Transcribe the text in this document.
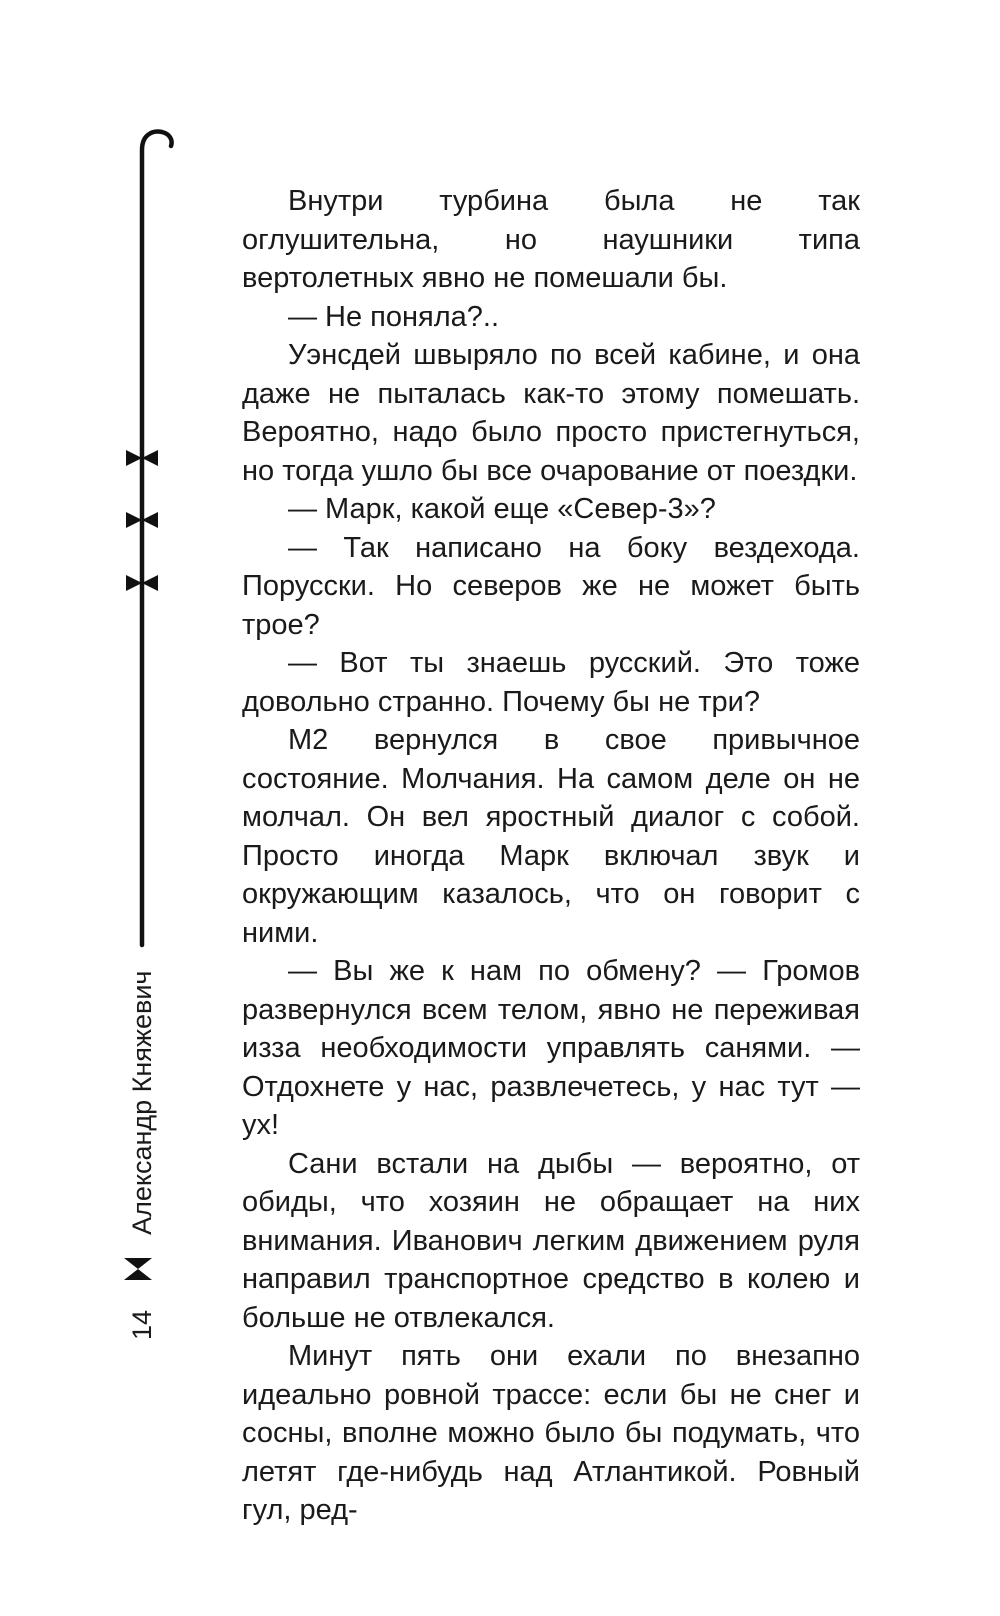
14  Александр Княжевич

Внутри турбина была не так оглушительна, но наушники типа вертолетных явно не помешали бы.

— Не поняла?..

Уэнсдей швыряло по всей кабине, и она даже не пыталась как-то этому помешать. Вероятно, надо было просто пристегнуться, но тогда ушло бы все очарование от поездки.

— Марк, какой еще «Север-3»?

— Так написано на боку вездехода. Порусски. Но северов же не может быть трое?

— Вот ты знаешь русский. Это тоже довольно странно. Почему бы не три?

М2 вернулся в свое привычное состояние. Молчания. На самом деле он не молчал. Он вел яростный диалог с собой. Просто иногда Марк включал звук и окружающим казалось, что он говорит с ними.

— Вы же к нам по обмену? — Громов развернулся всем телом, явно не переживая изза необходимости управлять санями. — Отдохнете у нас, развлечетесь, у нас тут — ух!

Сани встали на дыбы — вероятно, от обиды, что хозяин не обращает на них внимания. Иванович легким движением руля направил транспортное средство в колею и больше не отвлекался.

Минут пять они ехали по внезапно идеально ровной трассе: если бы не снег и сосны, вполне можно было бы подумать, что летят где-нибудь над Атлантикой. Ровный гул, ред-
